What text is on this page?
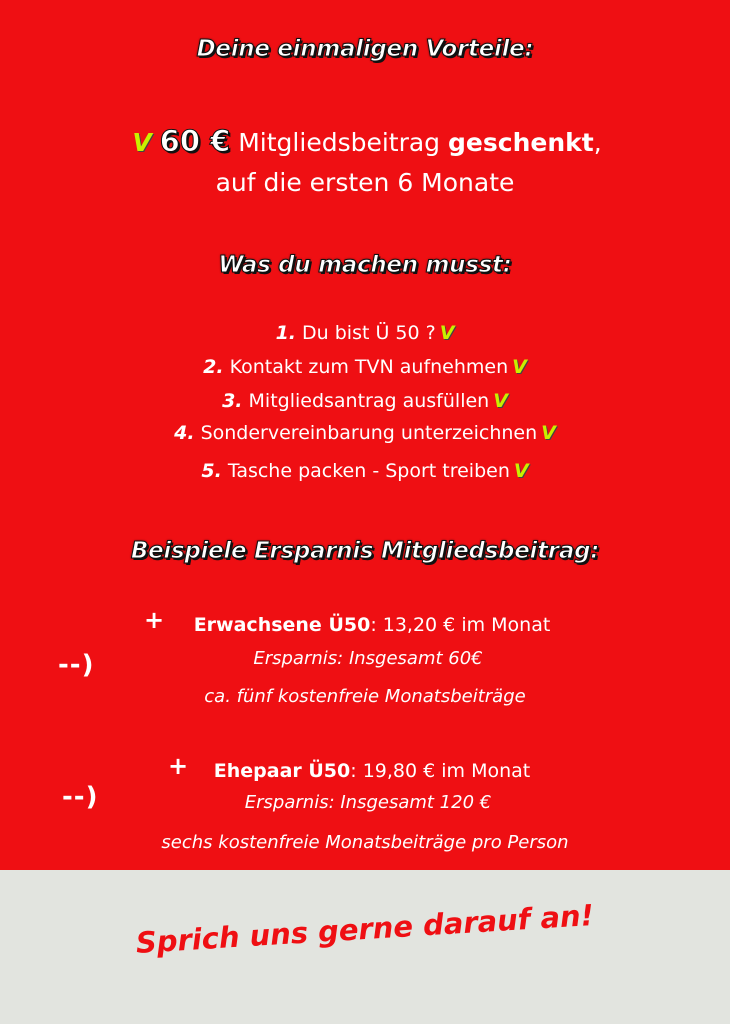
Deine einmaligen Vorteile:
V 60 € Mitgliedsbeitrag geschenkt,
auf die ersten 6 Monate
Was du machen musst:
1. Du bist Ü 50 ? V
2. Kontakt zum TVN aufnehmen V
3. Mitgliedsantrag ausfüllen V
4. Sondervereinbarung unterzeichnen V
5. Tasche packen - Sport treiben V
Beispiele Ersparnis Mitgliedsbeitrag:
+	Erwachsene Ü50: 13,20 € im Monat
--)	Ersparnis: Insgesamt 60€
ca. fünf kostenfreie Monatsbeiträge
+	Ehepaar Ü50: 19,80 € im Monat
--)	Ersparnis: Insgesamt 120 €
sechs kostenfreie Monatsbeiträge pro Person
Sprich uns gerne darauf an!
